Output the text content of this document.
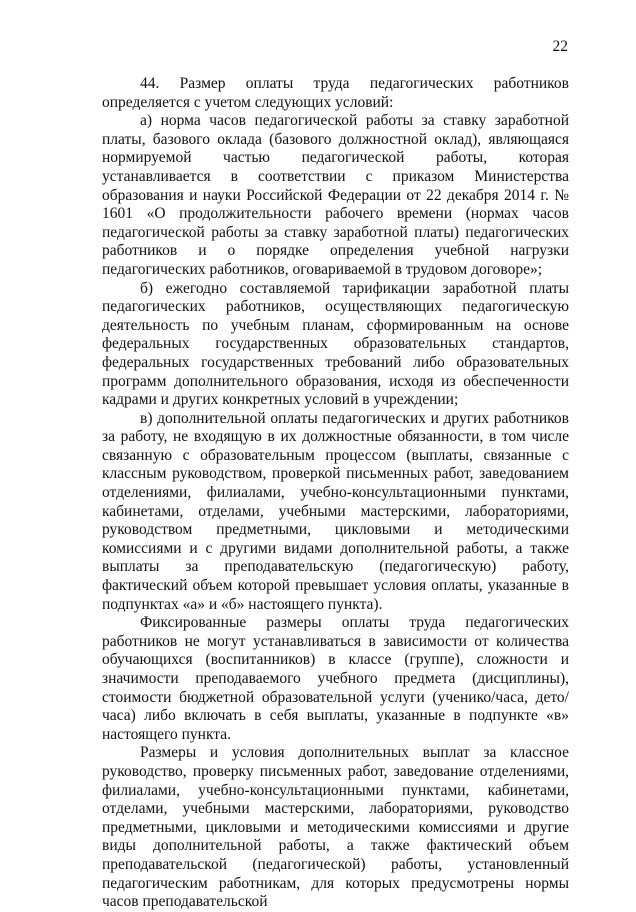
22

44. Размер оплаты труда педагогических работников определяется с учетом следующих условий:

а) норма часов педагогической работы за ставку заработной платы, базового оклада (базового должностной оклад), являющаяся нормируемой частью педагогической работы, которая устанавливается в соответствии с приказом Министерства образования и науки Российской Федерации от 22 декабря 2014 г. № 1601 «О продолжительности рабочего времени (нормах часов педагогической работы за ставку заработной платы) педагогических работников и о порядке определения учебной нагрузки педагогических работников, оговариваемой в трудовом договоре»;

б) ежегодно составляемой тарификации заработной платы педагогических работников, осуществляющих педагогическую деятельность по учебным планам, сформированным на основе федеральных государственных образовательных стандартов, федеральных государственных требований либо образовательных программ дополнительного образования, исходя из обеспеченности кадрами и других конкретных условий в учреждении;

в) дополнительной оплаты педагогических и других работников за работу, не входящую в их должностные обязанности, в том числе связанную с образовательным процессом (выплаты, связанные с классным руководством, проверкой письменных работ, заведованием отделениями, филиалами, учебно-консультационными пунктами, кабинетами, отделами, учебными мастерскими, лабораториями, руководством предметными, цикловыми и методическими комиссиями и с другими видами дополнительной работы, а также выплаты за преподавательскую (педагогическую) работу, фактический объем которой превышает условия оплаты, указанные в подпунктах «а» и «б» настоящего пункта).

Фиксированные размеры оплаты труда педагогических работников не могут устанавливаться в зависимости от количества обучающихся (воспитанников) в классе (группе), сложности и значимости преподаваемого учебного предмета (дисциплины), стоимости бюджетной образовательной услуги (ученико/часа, дето/часа) либо включать в себя выплаты, указанные в подпункте «в» настоящего пункта.

Размеры и условия дополнительных выплат за классное руководство, проверку письменных работ, заведование отделениями, филиалами, учебно-консультационными пунктами, кабинетами, отделами, учебными мастерскими, лабораториями, руководство предметными, цикловыми и методическими комиссиями и другие виды дополнительной работы, а также фактический объем преподавательской (педагогической) работы, установленный педагогическим работникам, для которых предусмотрены нормы часов преподавательской
